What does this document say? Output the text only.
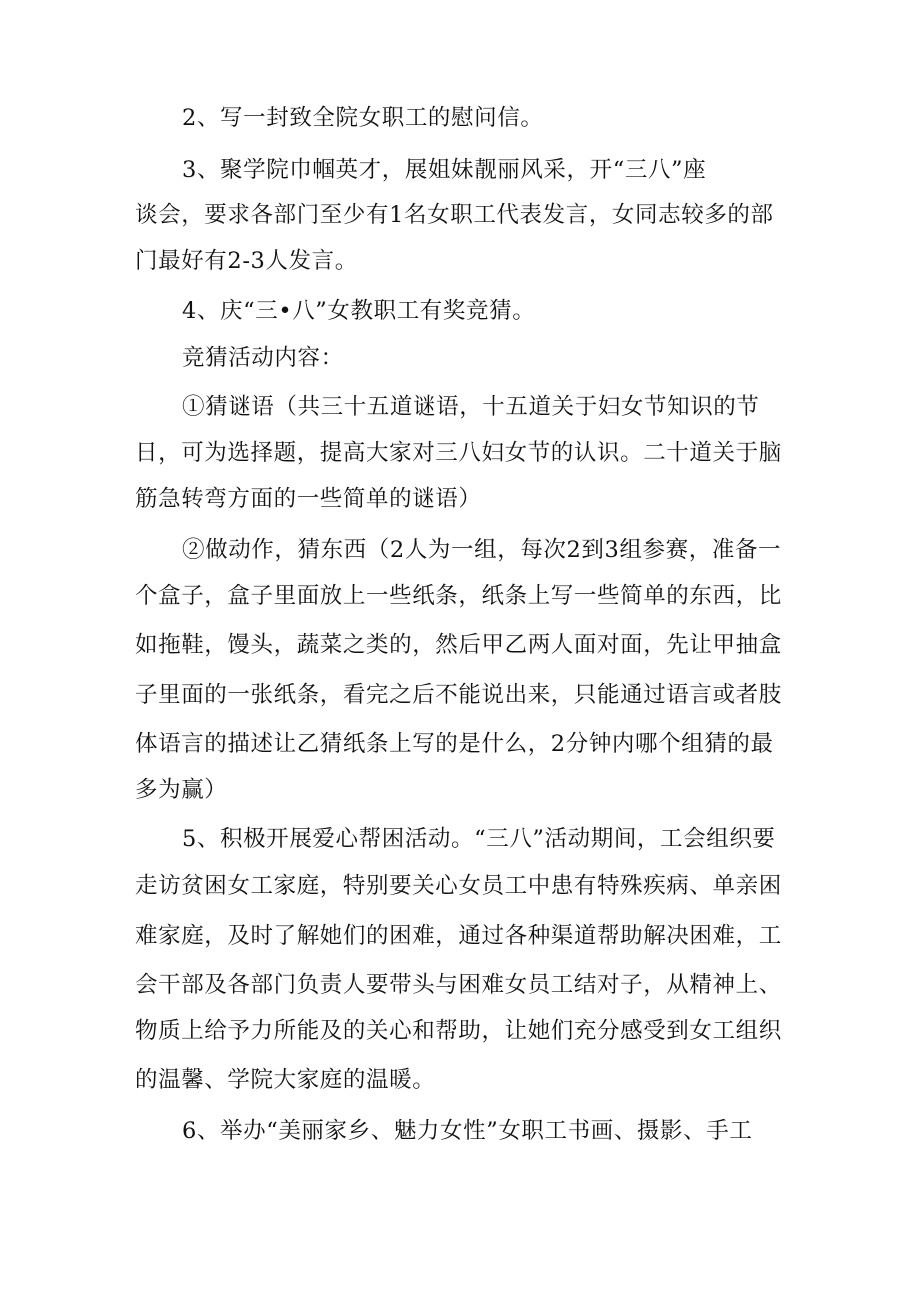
2、写一封致全院女职工的慰问信。
3、聚学院巾帼英才，展姐妹靓丽风采，开“三八”座
谈会，要求各部门至少有1名女职工代表发言，女同志较多的部
门最好有2-3人发言。
4、庆“三•八”女教职工有奖竞猜。
竞猜活动内容：
①猜谜语（共三十五道谜语，十五道关于妇女节知识的节
日，可为选择题，提高大家对三八妇女节的认识。二十道关于脑
筋急转弯方面的一些简单的谜语）
②做动作，猜东西（2人为一组，每次2到3组参赛，准备一
个盒子，盒子里面放上一些纸条，纸条上写一些简单的东西，比
如拖鞋，馒头，蔬菜之类的，然后甲乙两人面对面，先让甲抽盒
子里面的一张纸条，看完之后不能说出来，只能通过语言或者肢
体语言的描述让乙猜纸条上写的是什么，2分钟内哪个组猜的最
多为赢）
5、积极开展爱心帮困活动。“三八”活动期间，工会组织要
走访贫困女工家庭，特别要关心女员工中患有特殊疾病、单亲困
难家庭，及时了解她们的困难，通过各种渠道帮助解决困难，工
会干部及各部门负责人要带头与困难女员工结对子，从精神上、
物质上给予力所能及的关心和帮助，让她们充分感受到女工组织
的温馨、学院大家庭的温暖。
6、举办“美丽家乡、魅力女性”女职工书画、摄影、手工
